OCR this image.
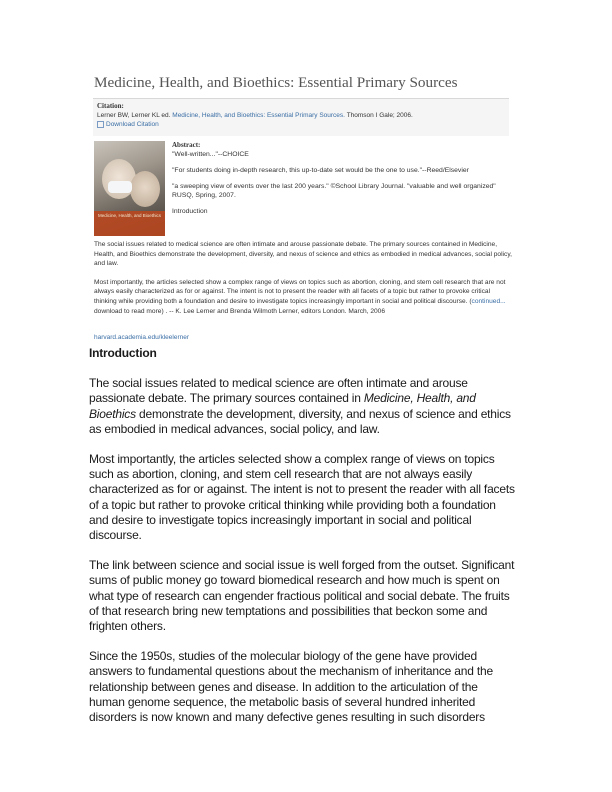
Medicine, Health, and Bioethics: Essential Primary Sources
Citation:
Lerner BW, Lerner KL ed. Medicine, Health, and Bioethics: Essential Primary Sources. Thomson I Gale; 2006.
Download Citation
Medicine, Health, and Bioethics
Abstract:

"Well-written..."--CHOICE

"For students doing in-depth research, this up-to-date set would be the one to use."--Reed/Elsevier

"a sweeping view of events over the last 200 years." ©School Library Journal. "valuable and well organized" RUSQ, Spring, 2007.

Introduction

The social issues related to medical science are often intimate and arouse passionate debate. The primary sources contained in Medicine, Health, and Bioethics demonstrate the development, diversity, and nexus of science and ethics as embodied in medical advances, social policy, and law.

Most importantly, the articles selected show a complex range of views on topics such as abortion, cloning, and stem cell research that are not always easily characterized as for or against. The intent is not to present the reader with all facets of a topic but rather to provoke critical thinking while providing both a foundation and desire to investigate topics increasingly important in social and political discourse. (continued... download to read more) . -- K. Lee Lerner and Brenda Wilmoth Lerner, editors London. March, 2006

harvard.academia.edu/kleelerner
Introduction

The social issues related to medical science are often intimate and arouse passionate debate. The primary sources contained in Medicine, Health, and Bioethics demonstrate the development, diversity, and nexus of science and ethics as embodied in medical advances, social policy, and law.

Most importantly, the articles selected show a complex range of views on topics such as abortion, cloning, and stem cell research that are not always easily characterized as for or against. The intent is not to present the reader with all facets of a topic but rather to provoke critical thinking while providing both a foundation and desire to investigate topics increasingly important in social and political discourse.

The link between science and social issue is well forged from the outset. Significant sums of public money go toward biomedical research and how much is spent on what type of research can engender fractious political and social debate. The fruits of that research bring new temptations and possibilities that beckon some and frighten others.

Since the 1950s, studies of the molecular biology of the gene have provided answers to fundamental questions about the mechanism of inheritance and the relationship between genes and disease. In addition to the articulation of the human genome sequence, the metabolic basis of several hundred inherited disorders is now known and many defective genes resulting in such disorders
